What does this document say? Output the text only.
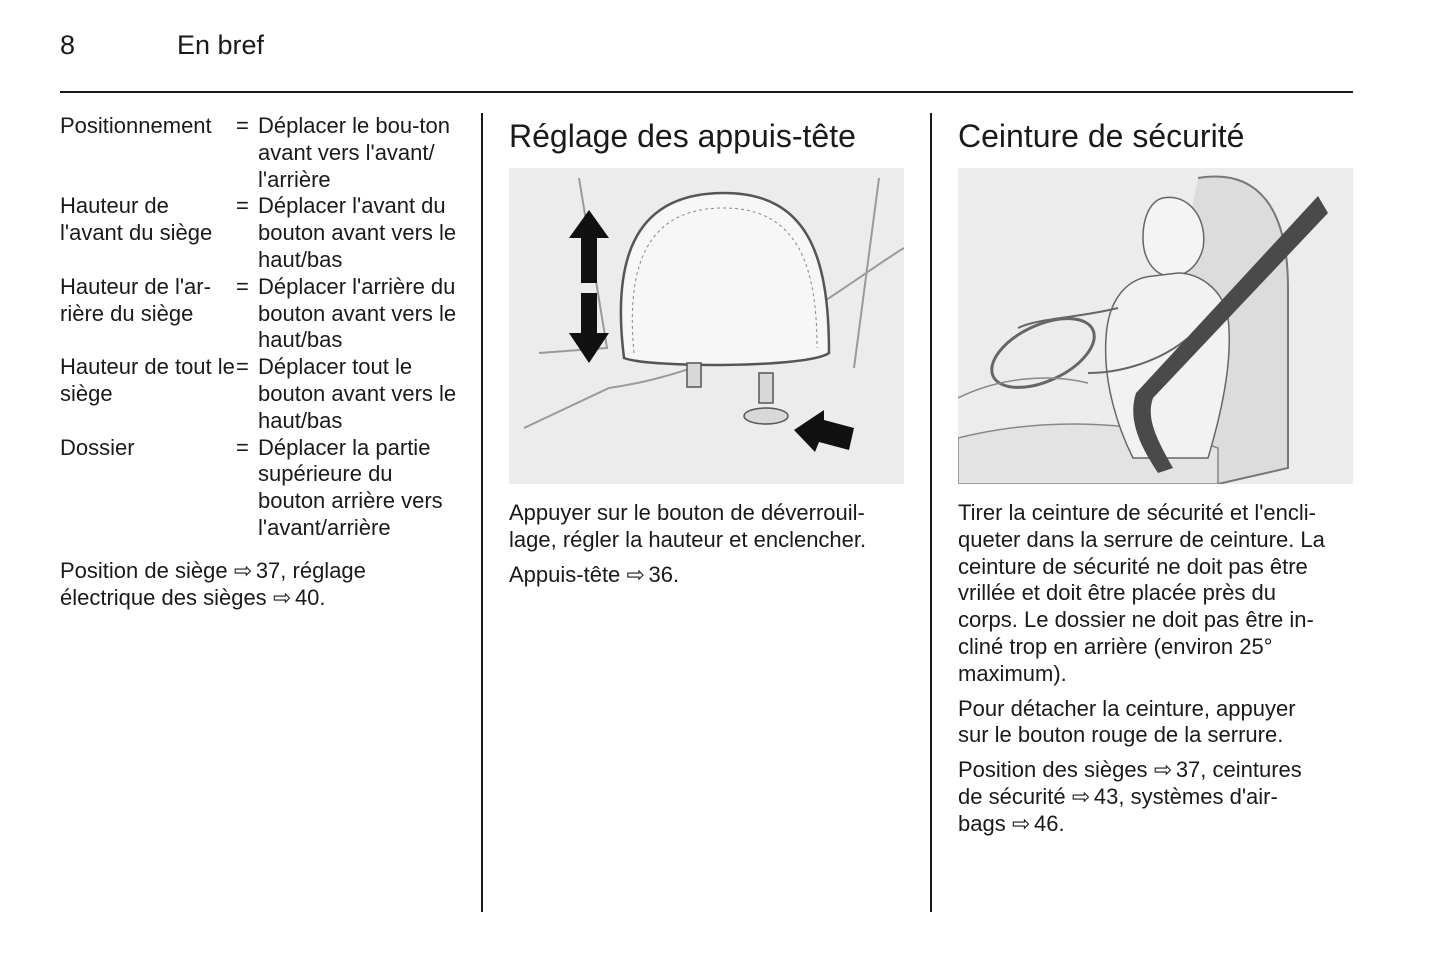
8	En bref
Positionnement	= Déplacer le bou-ton avant vers l'avant/ l'arrière
Hauteur de l'avant du siège
= Déplacer l'avant du bouton avant vers le haut/bas
Hauteur de l'ar-rière du siège
= Déplacer l'arrière du bouton avant vers le haut/bas
Hauteur de tout le siège
= Déplacer tout le bouton avant vers le haut/bas
Dossier	= Déplacer la partie supérieure du bouton arrière vers l'avant/arrière

Position de siège ⇨ 37, réglage
électrique des sièges ⇨ 40.

Réglage des appuis-tête

Appuyer sur le bouton de déverrouil-
lage, régler la hauteur et enclencher.

Appuis-tête ⇨ 36.

Ceinture de sécurité

Tirer la ceinture de sécurité et l'encli-
queter dans la serrure de ceinture. La
ceinture de sécurité ne doit pas être
vrillée et doit être placée près du
corps. Le dossier ne doit pas être in-
cliné trop en arrière (environ 25°
maximum).

Pour détacher la ceinture, appuyer
sur le bouton rouge de la serrure.

Position des sièges ⇨ 37, ceintures
de sécurité ⇨ 43, systèmes d'air-
bags ⇨ 46.
